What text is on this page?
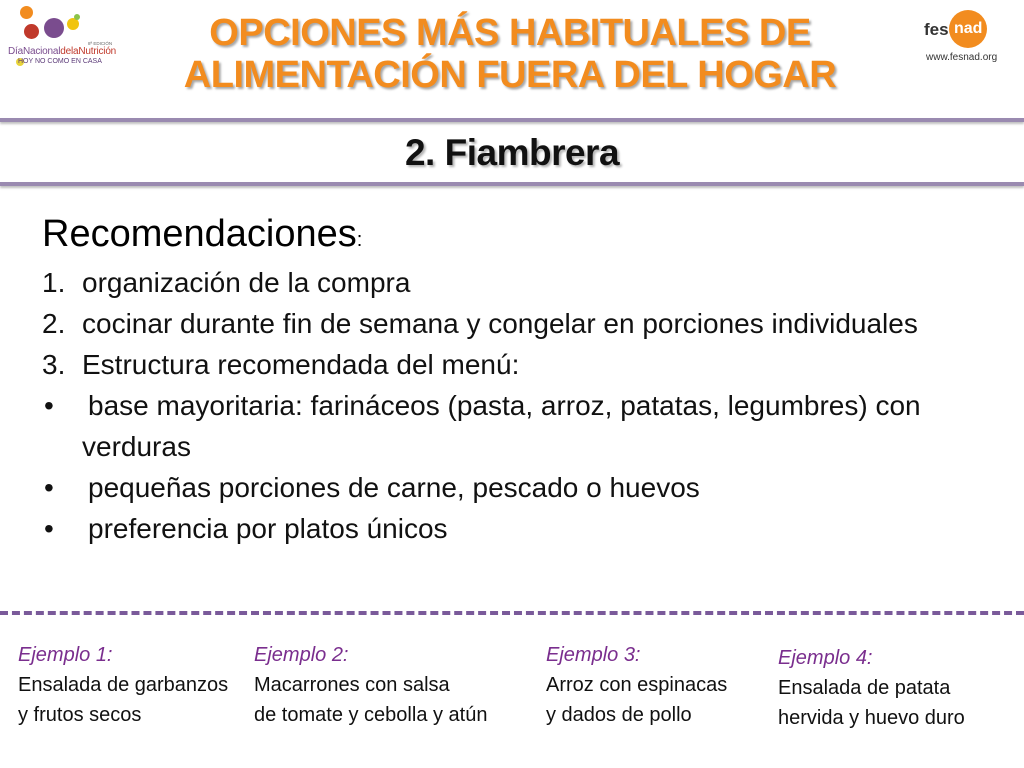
8ª EDICIÓN
DíaNacionaldelaNutrición
HOY NO COMO EN CASA
OPCIONES MÁS HABITUALES DE
ALIMENTACIÓN FUERA DEL HOGAR
fes nad
www.fesnad.org
2. Fiambrera
Recomendaciones:
1. organización de la compra
2. cocinar durante fin de semana y congelar en porciones individuales
3. Estructura recomendada del menú:
• base mayoritaria: farináceos (pasta, arroz, patatas, legumbres) con
verduras
• pequeñas porciones de carne, pescado o huevos
• preferencia por platos únicos
Ejemplo 1:
Ensalada de garbanzos
y frutos secos
Ejemplo 2:
Macarrones con salsa
de tomate y cebolla y atún
Ejemplo 3:
Arroz con espinacas
y dados de pollo
Ejemplo 4:
Ensalada de patata
hervida y huevo duro
